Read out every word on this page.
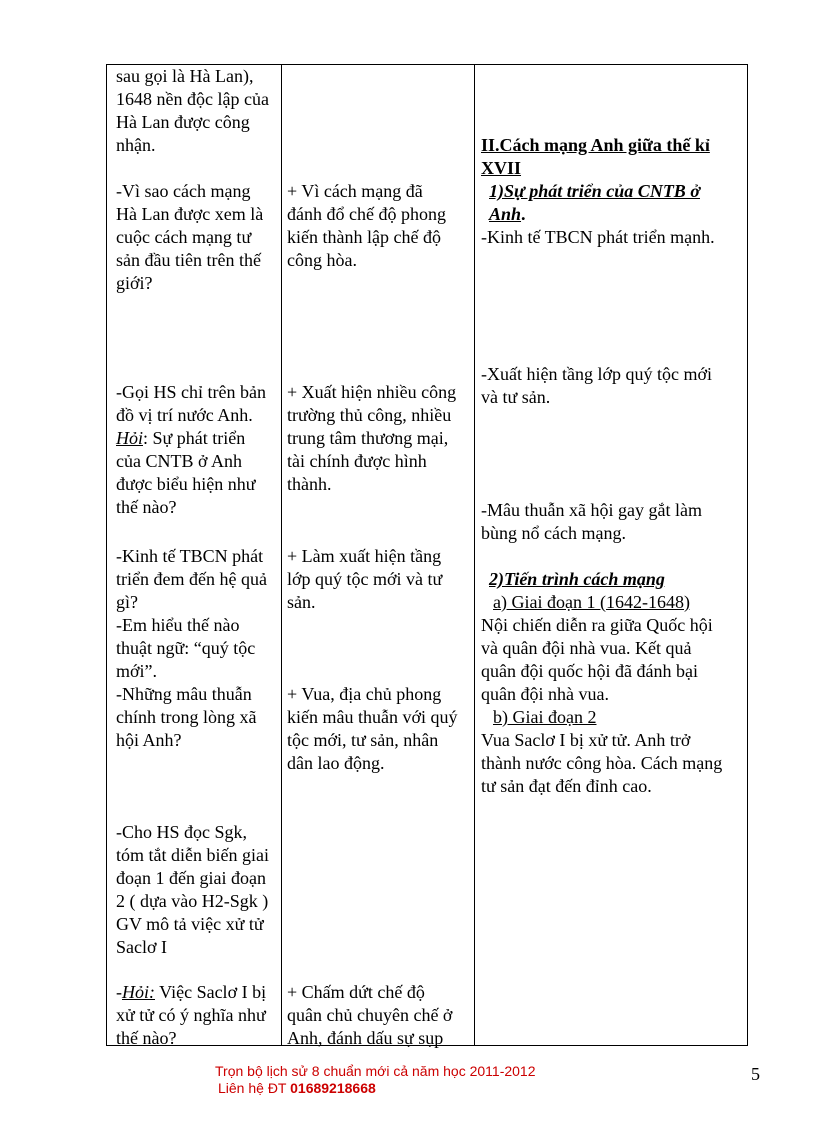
sau gọi là Hà Lan),
1648 nền độc lập của
Hà Lan được công
nhận.

-Vì sao cách mạng
Hà Lan được xem là
cuộc cách mạng tư
sản đầu tiên trên thế
giới?

-Gọi HS chỉ trên bản
đồ vị trí nước Anh.
Hỏi: Sự phát triển
của CNTB ở Anh
được biểu hiện như
thế nào?

-Kinh tế TBCN phát
triển đem đến hệ quả
gì?

-Em hiểu thế nào
thuật ngữ: “quý tộc
mới”.

-Những mâu thuẫn
chính trong lòng xã
hội Anh?

-Cho HS đọc Sgk,
tóm tắt diễn biến giai
đoạn 1 đến giai đoạn
2 ( dựa vào H2-Sgk )
GV mô tả việc xử tử
Saclơ I

-Hỏi: Việc Saclơ I bị
xử tử có ý nghĩa như
thế nào?

+ Vì cách mạng đã
đánh đổ chế độ phong
kiến thành lập chế độ
công hòa.

+ Xuất hiện nhiều công
trường thủ công, nhiều
trung tâm thương mại,
tài chính được hình
thành.

+ Làm xuất hiện tầng
lớp quý tộc mới và tư
sản.

+ Vua, địa chủ phong
kiến mâu thuẫn với quý
tộc mới, tư sản, nhân
dân lao động.

+ Chấm dứt chế độ
quân chủ chuyên chế ở
Anh, đánh dấu sự sụp

II.Cách mạng Anh giữa thế kỉ
XVII

1)Sự phát triển của CNTB ở
Anh.

-Kinh tế TBCN phát triển mạnh.

-Xuất hiện tầng lớp quý tộc mới
và tư sản.

-Mâu thuẫn xã hội gay gắt làm
bùng nổ cách mạng.

2)Tiến trình cách mạng

a) Giai đoạn 1 (1642-1648)

Nội chiến diễn ra giữa Quốc hội
và quân đội nhà vua. Kết quả
quân đội quốc hội đã đánh bại
quân đội nhà vua.

b) Giai đoạn 2

Vua Saclơ I bị xử tử. Anh trở
thành nước công hòa. Cách mạng
tư sản đạt đến đỉnh cao.

Trọn bộ lịch sử 8 chuẩn mới cả năm học 2011-2012
Liên hệ ĐT 01689218668
5
